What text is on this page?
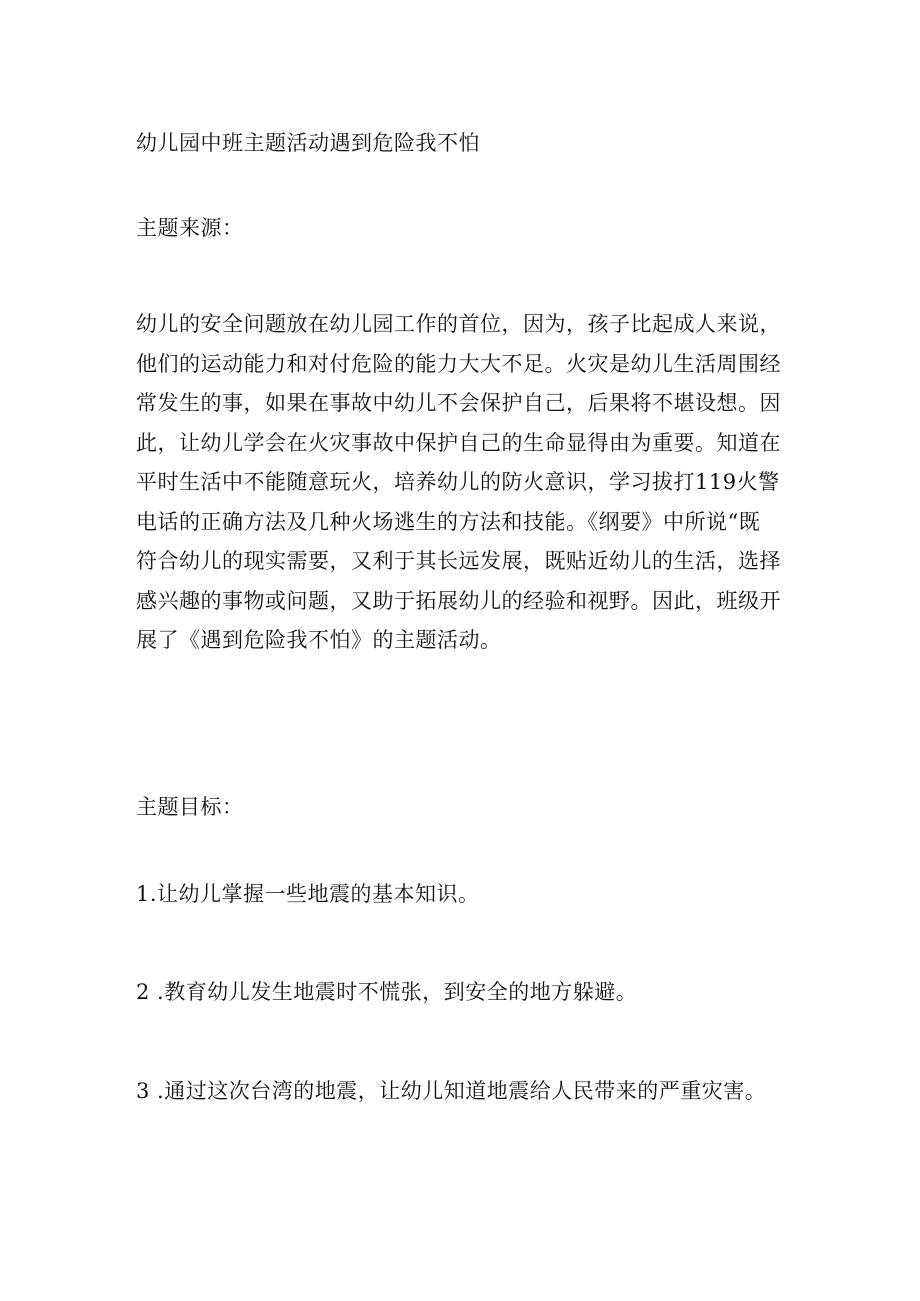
幼儿园中班主题活动遇到危险我不怕
主题来源：
幼儿的安全问题放在幼儿园工作的首位，因为，孩子比起成人来说，
他们的运动能力和对付危险的能力大大不足。火灾是幼儿生活周围经
常发生的事，如果在事故中幼儿不会保护自己，后果将不堪设想。因
此，让幼儿学会在火灾事故中保护自己的生命显得由为重要。知道在
平时生活中不能随意玩火，培养幼儿的防火意识，学习拔打119火警
电话的正确方法及几种火场逃生的方法和技能。《纲要》中所说“既
符合幼儿的现实需要，又利于其长远发展，既贴近幼儿的生活，选择
感兴趣的事物或问题，又助于拓展幼儿的经验和视野。因此，班级开
展了《遇到危险我不怕》的主题活动。
主题目标：
1.让幼儿掌握一些地震的基本知识。
2 .教育幼儿发生地震时不慌张，到安全的地方躲避。
3 .通过这次台湾的地震，让幼儿知道地震给人民带来的严重灾害。
